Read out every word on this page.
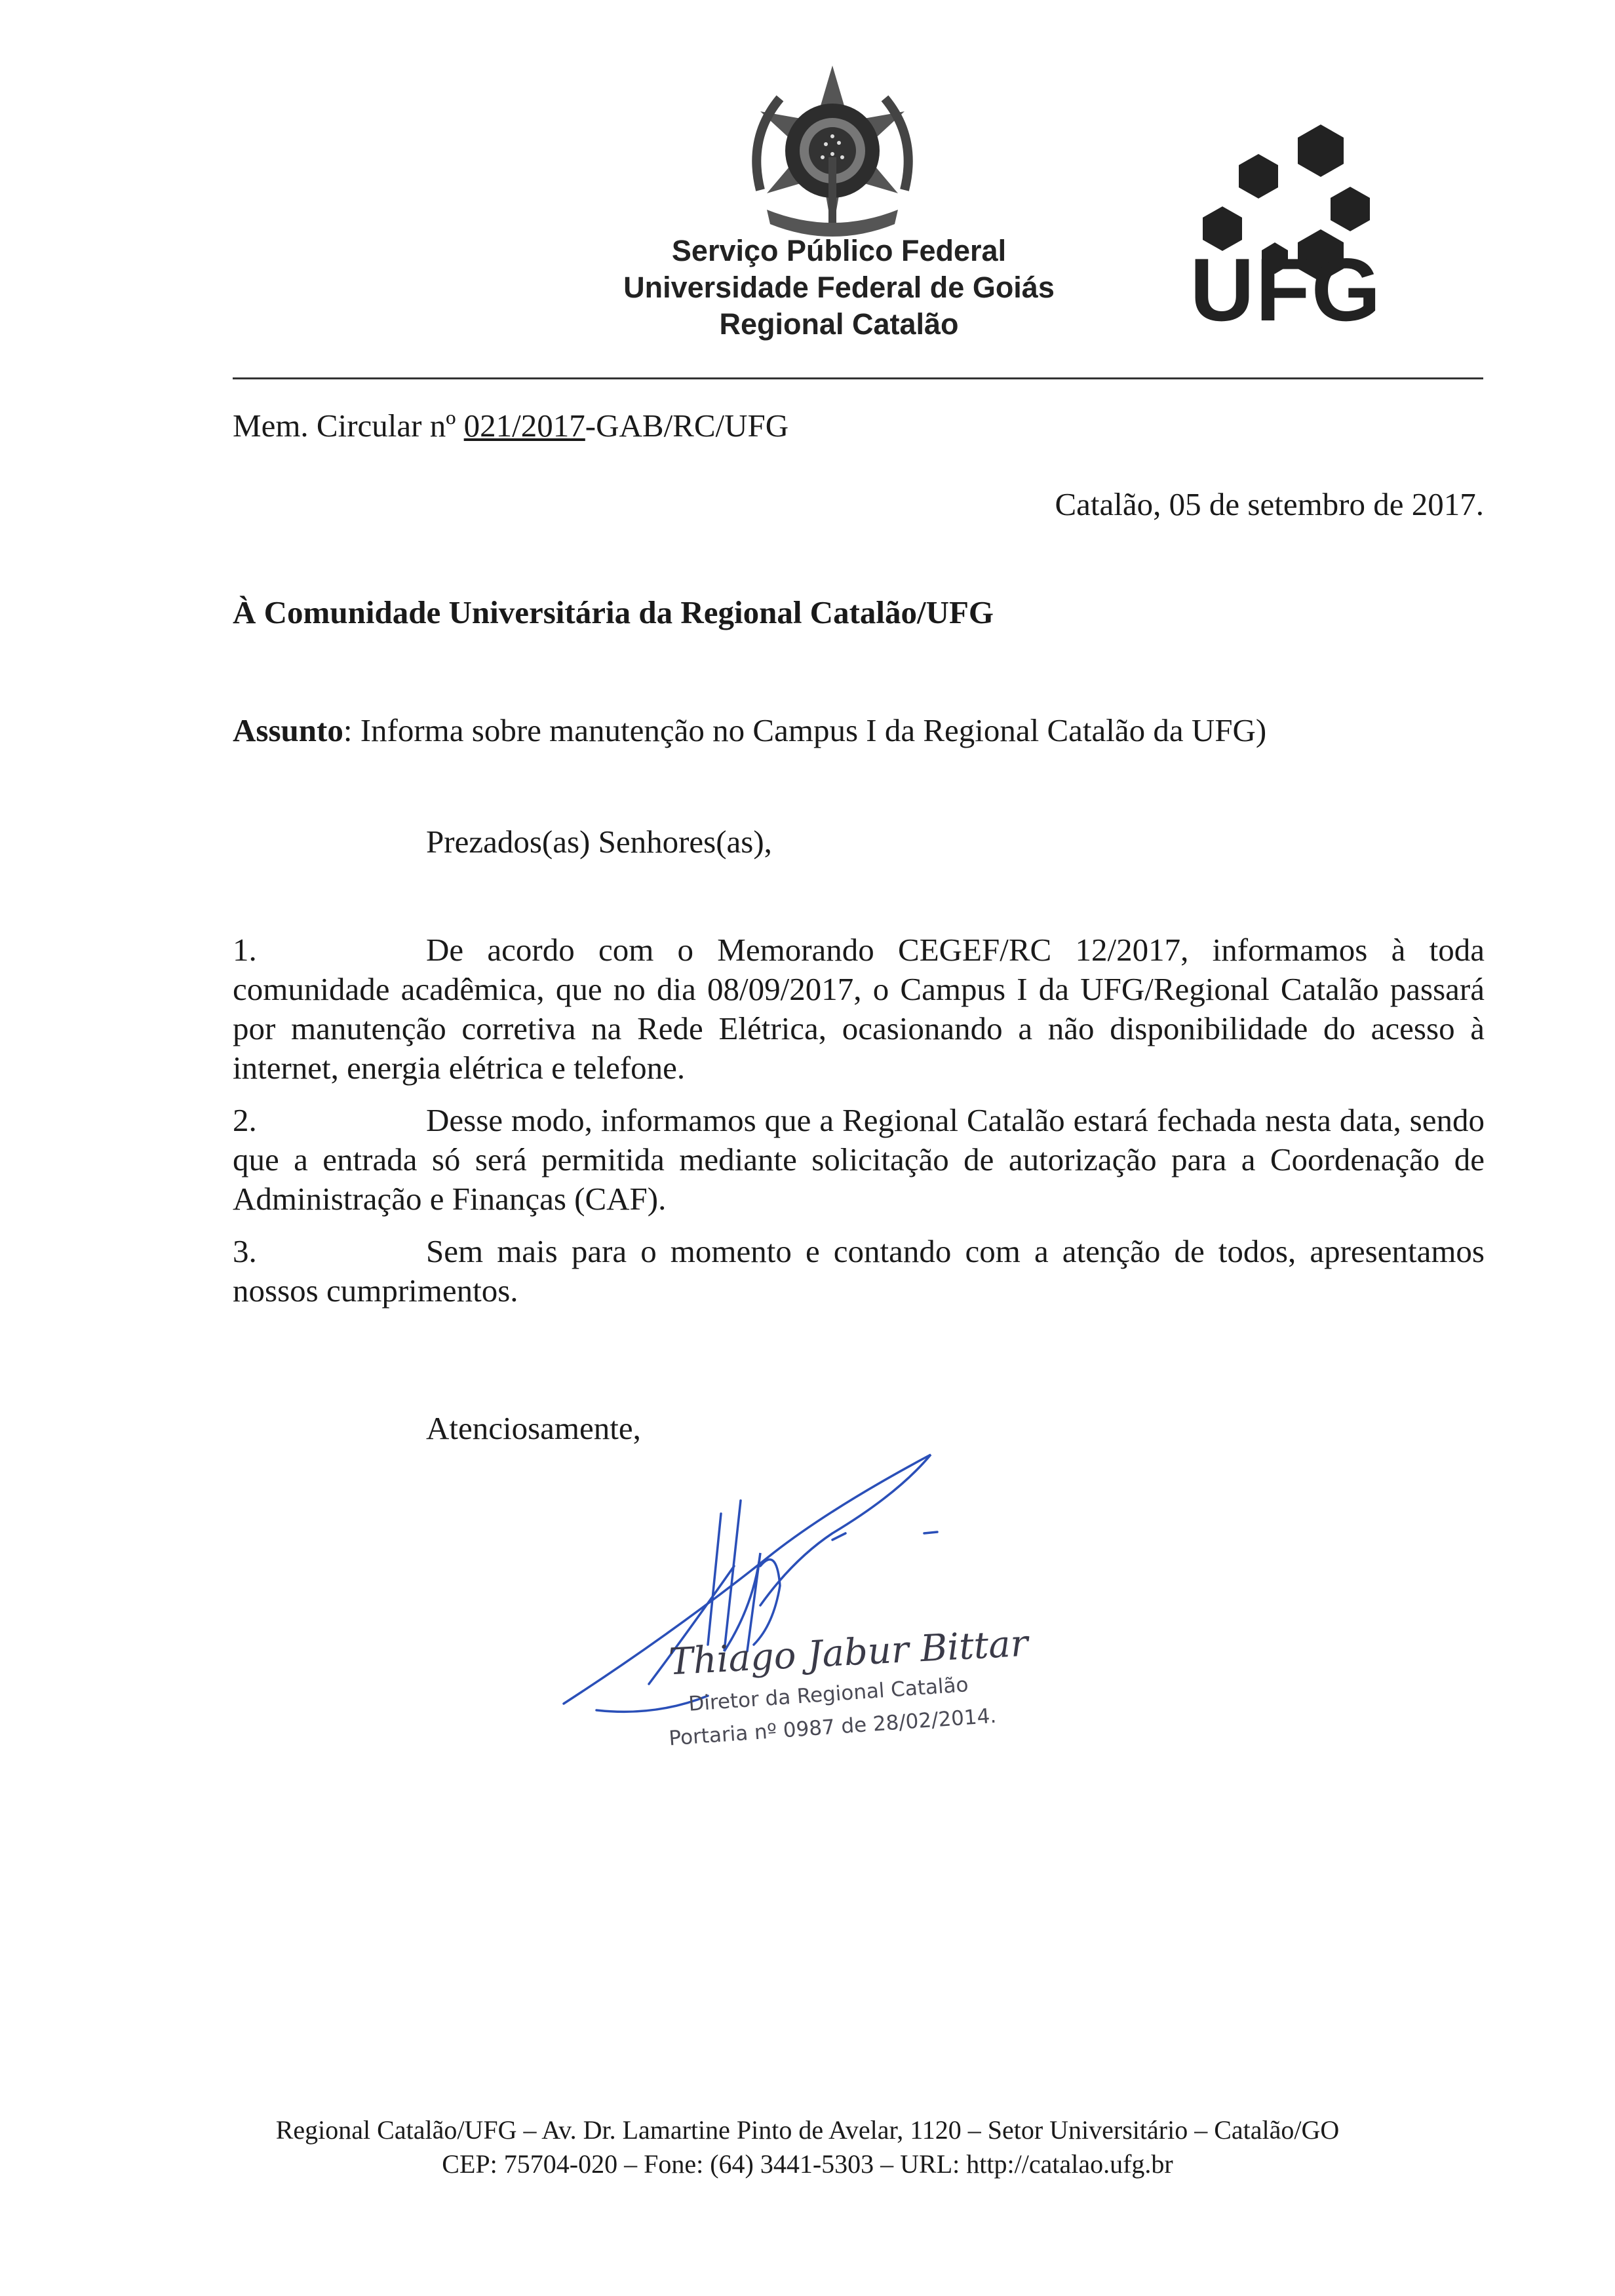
Serviço Público Federal
Universidade Federal de Goiás
Regional Catalão	UFG
Mem. Circular nº 021/2017-GAB/RC/UFG
Catalão, 05 de setembro de 2017.
À Comunidade Universitária da Regional Catalão/UFG
Assunto: Informa sobre manutenção no Campus I da Regional Catalão da UFG)
Prezados(as) Senhores(as),
1.	De acordo com o Memorando CEGEF/RC 12/2017, informamos à toda comunidade acadêmica, que no dia 08/09/2017, o Campus I da UFG/Regional Catalão passará por manutenção corretiva na Rede Elétrica, ocasionando a não disponibilidade do acesso à internet, energia elétrica e telefone.
2.	Desse modo, informamos que a Regional Catalão estará fechada nesta data, sendo que a entrada só será permitida mediante solicitação de autorização para a Coordenação de Administração e Finanças (CAF).
3.	Sem mais para o momento e contando com a atenção de todos, apresentamos nossos cumprimentos.
Atenciosamente,
Thiago Jabur Bittar
Diretor da Regional Catalão
Portaria nº 0987 de 28/02/2014.
Regional Catalão/UFG – Av. Dr. Lamartine Pinto de Avelar, 1120 – Setor Universitário – Catalão/GO
CEP: 75704-020 – Fone: (64) 3441-5303 – URL: http://catalao.ufg.br
